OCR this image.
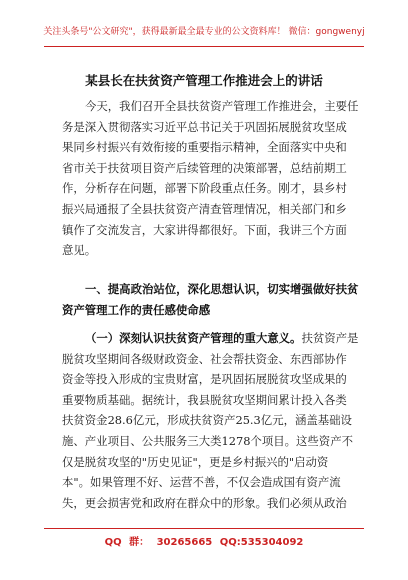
关注头条号"公文研究"，获得最新最全最专业的公文资料库！ 微信：gongwenyj
某县长在扶贫资产管理工作推进会上的讲话
今天，我们召开全县扶贫资产管理工作推进会，主要任
务是深入贯彻落实习近平总书记关于巩固拓展脱贫攻坚成
果同乡村振兴有效衔接的重要指示精神，全面落实中央和
省市关于扶贫项目资产后续管理的决策部署，总结前期工
作，分析存在问题，部署下阶段重点任务。刚才，县乡村
振兴局通报了全县扶贫资产清查管理情况，相关部门和乡
镇作了交流发言，大家讲得都很好。下面，我讲三个方面
意见。
一、提高政治站位，深化思想认识，切实增强做好扶贫
资产管理工作的责任感使命感
（一）深刻认识扶贫资产管理的重大意义。扶贫资产是
脱贫攻坚期间各级财政资金、社会帮扶资金、东西部协作
资金等投入形成的宝贵财富，是巩固拓展脱贫攻坚成果的
重要物质基础。据统计，我县脱贫攻坚期间累计投入各类
扶贫资金28.6亿元，形成扶贫资产25.3亿元，涵盖基础设
施、产业项目、公共服务三大类1278个项目。这些资产不
仅是脱贫攻坚的"历史见证"，更是乡村振兴的"启动资
本"。如果管理不好、运营不善，不仅会造成国有资产流
失，更会损害党和政府在群众中的形象。我们必须从政治
QQ 群： 30265665 QQ:535304092
